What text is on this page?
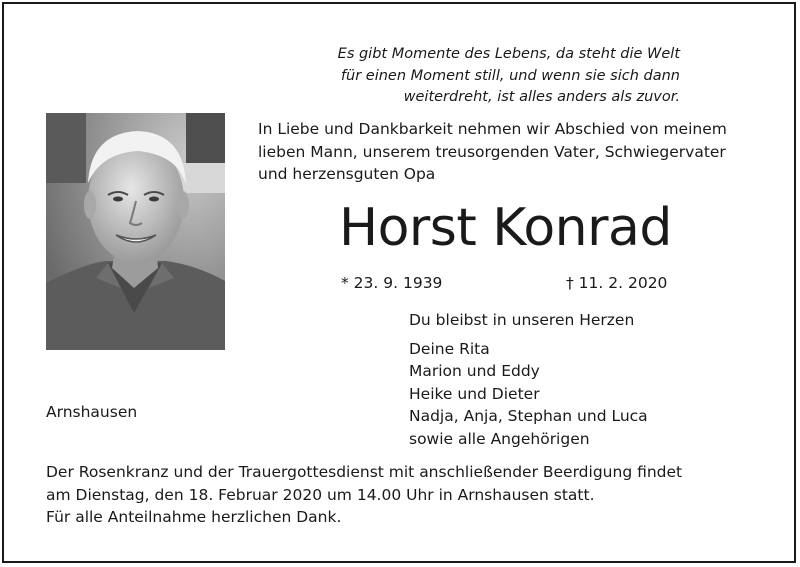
Es gibt Momente des Lebens, da steht die Welt
für einen Moment still, und wenn sie sich dann
weiterdreht, ist alles anders als zuvor.
In Liebe und Dankbarkeit nehmen wir Abschied von meinem
lieben Mann, unserem treusorgenden Vater, Schwiegervater
und herzensguten Opa
Horst Konrad
* 23. 9. 1939	† 11. 2. 2020
Du bleibst in unseren Herzen
Deine Rita
Marion und Eddy
Heike und Dieter
Nadja, Anja, Stephan und Luca
sowie alle Angehörigen
Arnshausen
Der Rosenkranz und der Trauergottesdienst mit anschließender Beerdigung findet
am Dienstag, den 18. Februar 2020 um 14.00 Uhr in Arnshausen statt.
Für alle Anteilnahme herzlichen Dank.
